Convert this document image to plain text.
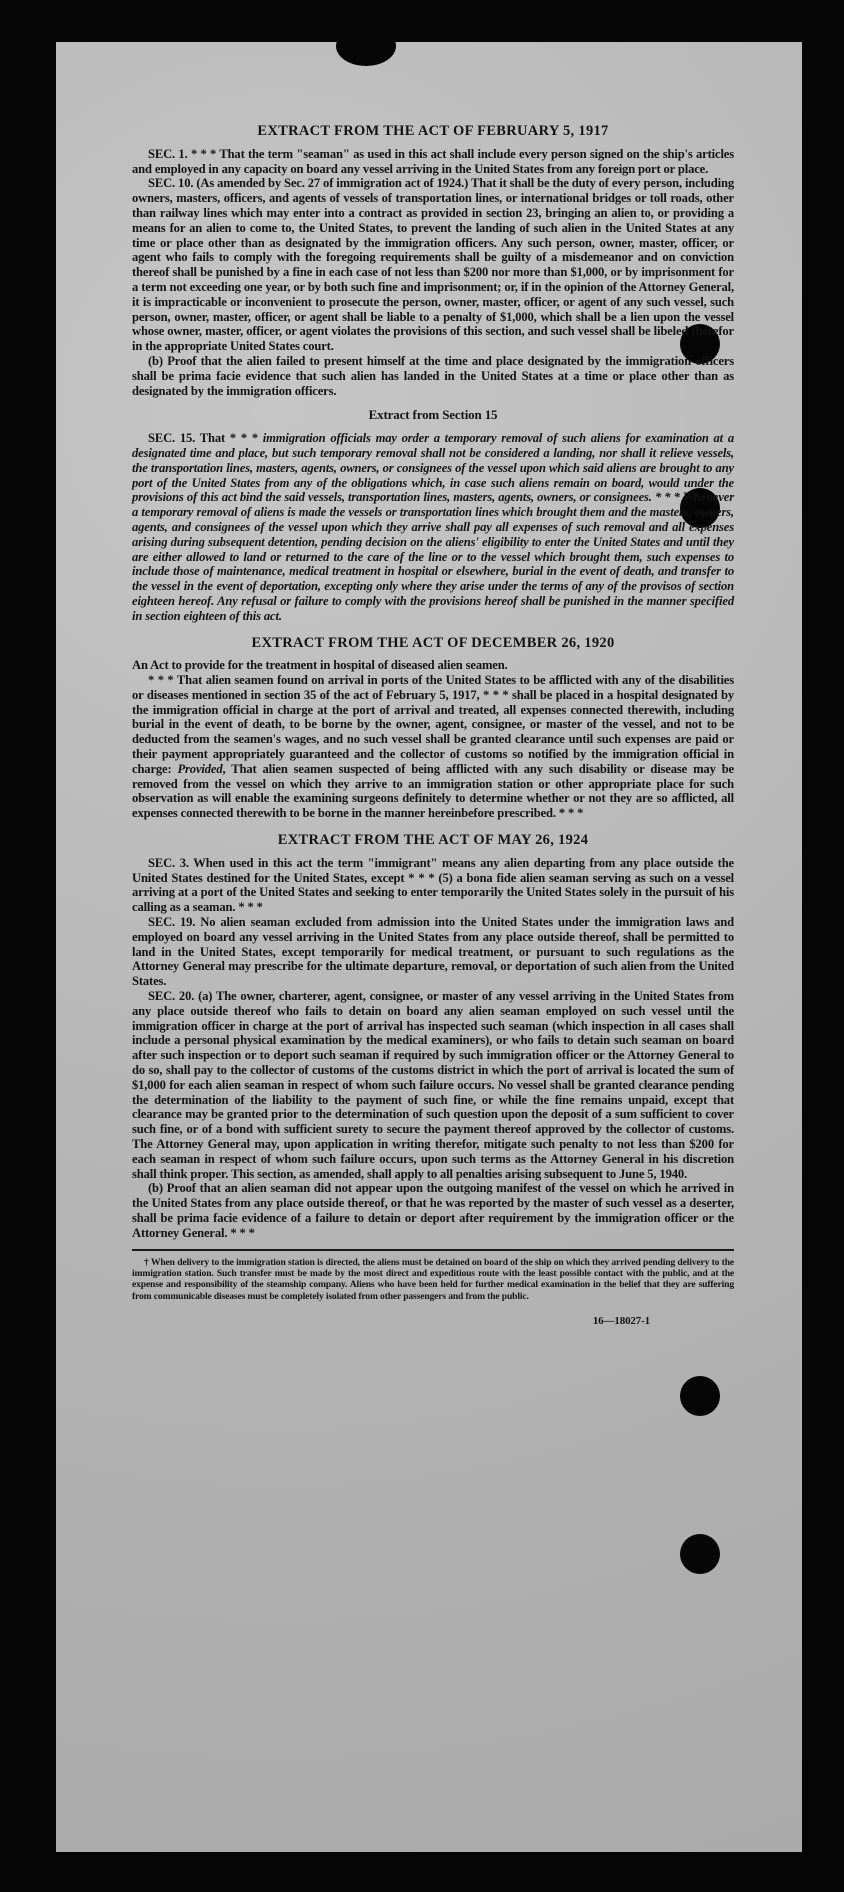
EXTRACT FROM THE ACT OF FEBRUARY 5, 1917

SEC. 1. * * * That the term "seaman" as used in this act shall include every person signed on the ship's articles and employed in any capacity on board any vessel arriving in the United States from any foreign port or place.

SEC. 10. (As amended by Sec. 27 of immigration act of 1924.) That it shall be the duty of every person, including owners, masters, officers, and agents of vessels of transportation lines, or international bridges or toll roads, other than railway lines which may enter into a contract as provided in section 23, bringing an alien to, or providing a means for an alien to come to, the United States, to prevent the landing of such alien in the United States at any time or place other than as designated by the immigration officers. Any such person, owner, master, officer, or agent who fails to comply with the foregoing requirements shall be guilty of a misdemeanor and on conviction thereof shall be punished by a fine in each case of not less than $200 nor more than $1,000, or by imprisonment for a term not exceeding one year, or by both such fine and imprisonment; or, if in the opinion of the Attorney General, it is impracticable or inconvenient to prosecute the person, owner, master, officer, or agent of any such vessel, such person, owner, master, officer, or agent shall be liable to a penalty of $1,000, which shall be a lien upon the vessel whose owner, master, officer, or agent violates the provisions of this section, and such vessel shall be libeled therefor in the appropriate United States court.

(b) Proof that the alien failed to present himself at the time and place designated by the immigration officers shall be prima facie evidence that such alien has landed in the United States at a time or place other than as designated by the immigration officers.

Extract from Section 15

SEC. 15. That * * * immigration officials may order a temporary removal of such aliens for examination at a designated time and place, but such temporary removal shall not be considered a landing, nor shall it relieve vessels, the transportation lines, masters, agents, owners, or consignees of the vessel upon which said aliens are brought to any port of the United States from any of the obligations which, in case such aliens remain on board, would under the provisions of this act bind the said vessels, transportation lines, masters, agents, owners, or consignees. * * * Whenever a temporary removal of aliens is made the vessels or transportation lines which brought them and the masters, owners, agents, and consignees of the vessel upon which they arrive shall pay all expenses of such removal and all expenses arising during subsequent detention, pending decision on the aliens' eligibility to enter the United States and until they are either allowed to land or returned to the care of the line or to the vessel which brought them, such expenses to include those of maintenance, medical treatment in hospital or elsewhere, burial in the event of death, and transfer to the vessel in the event of deportation, excepting only where they arise under the terms of any of the provisos of section eighteen hereof. Any refusal or failure to comply with the provisions hereof shall be punished in the manner specified in section eighteen of this act.

EXTRACT FROM THE ACT OF DECEMBER 26, 1920

An Act to provide for the treatment in hospital of diseased alien seamen.

* * * That alien seamen found on arrival in ports of the United States to be afflicted with any of the disabilities or diseases mentioned in section 35 of the act of February 5, 1917, * * * shall be placed in a hospital designated by the immigration official in charge at the port of arrival and treated, all expenses connected therewith, including burial in the event of death, to be borne by the owner, agent, consignee, or master of the vessel, and not to be deducted from the seamen's wages, and no such vessel shall be granted clearance until such expenses are paid or their payment appropriately guaranteed and the collector of customs so notified by the immigration official in charge: Provided, That alien seamen suspected of being afflicted with any such disability or disease may be removed from the vessel on which they arrive to an immigration station or other appropriate place for such observation as will enable the examining surgeons definitely to determine whether or not they are so afflicted, all expenses connected therewith to be borne in the manner hereinbefore prescribed. * * *

EXTRACT FROM THE ACT OF MAY 26, 1924

SEC. 3. When used in this act the term "immigrant" means any alien departing from any place outside the United States destined for the United States, except * * * (5) a bona fide alien seaman serving as such on a vessel arriving at a port of the United States and seeking to enter temporarily the United States solely in the pursuit of his calling as a seaman. * * *

SEC. 19. No alien seaman excluded from admission into the United States under the immigration laws and employed on board any vessel arriving in the United States from any place outside thereof, shall be permitted to land in the United States, except temporarily for medical treatment, or pursuant to such regulations as the Attorney General may prescribe for the ultimate departure, removal, or deportation of such alien from the United States.

SEC. 20. (a) The owner, charterer, agent, consignee, or master of any vessel arriving in the United States from any place outside thereof who fails to detain on board any alien seaman employed on such vessel until the immigration officer in charge at the port of arrival has inspected such seaman (which inspection in all cases shall include a personal physical examination by the medical examiners), or who fails to detain such seaman on board after such inspection or to deport such seaman if required by such immigration officer or the Attorney General to do so, shall pay to the collector of customs of the customs district in which the port of arrival is located the sum of $1,000 for each alien seaman in respect of whom such failure occurs. No vessel shall be granted clearance pending the determination of the liability to the payment of such fine, or while the fine remains unpaid, except that clearance may be granted prior to the determination of such question upon the deposit of a sum sufficient to cover such fine, or of a bond with sufficient surety to secure the payment thereof approved by the collector of customs. The Attorney General may, upon application in writing therefor, mitigate such penalty to not less than $200 for each seaman in respect of whom such failure occurs, upon such terms as the Attorney General in his discretion shall think proper. This section, as amended, shall apply to all penalties arising subsequent to June 5, 1940.

(b) Proof that an alien seaman did not appear upon the outgoing manifest of the vessel on which he arrived in the United States from any place outside thereof, or that he was reported by the master of such vessel as a deserter, shall be prima facie evidence of a failure to detain or deport after requirement by the immigration officer or the Attorney General. * * *

† When delivery to the immigration station is directed, the aliens must be detained on board of the ship on which they arrived pending delivery to the immigration station. Such transfer must be made by the most direct and expeditious route with the least possible contact with the public, and at the expense and responsibility of the steamship company. Aliens who have been held for further medical examination in the belief that they are suffering from communicable diseases must be completely isolated from other passengers and from the public.

16—18027-1
